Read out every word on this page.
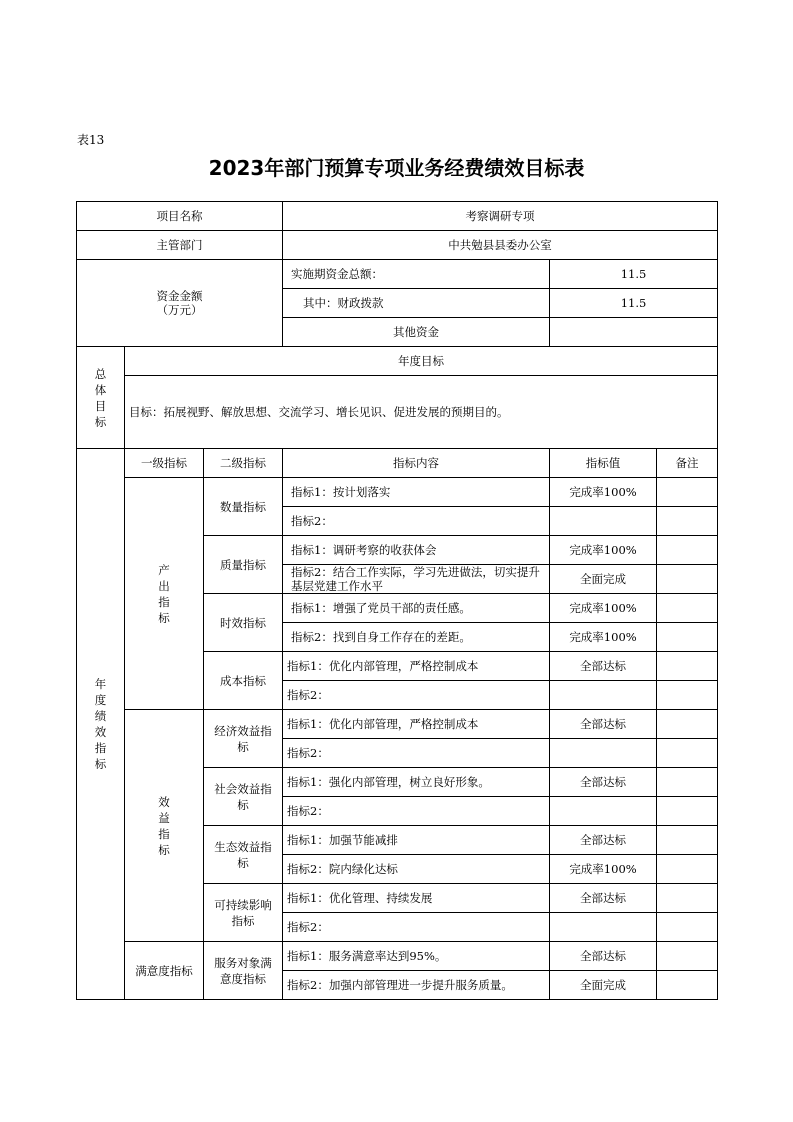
表13
2023年部门预算专项业务经费绩效目标表
项目名称			考察调研专项		
主管部门			中共勉县县委办公室		
资金金额
（万元）			实施期资金总额：	11.5	
			其中：财政拨款	11.5	
			其他资金		
总体目标	年度目标				
	目标：拓展视野、解放思想、交流学习、增长见识、促进发展的预期目的。				
年度绩效指标	一级指标	二级指标	指标内容	指标值	备注
	产出指标	数量指标	指标1：按计划落实	完成率100%	
			指标2：		
		质量指标	指标1：调研考察的收获体会	完成率100%	
			指标2：结合工作实际，学习先进做法，切实提升基层党建工作水平	全面完成	
		时效指标	指标1：增强了党员干部的责任感。	完成率100%	
			指标2：找到自身工作存在的差距。	完成率100%	
		成本指标	指标1：优化内部管理，严格控制成本	全部达标	
			指标2：		
	效益指标	经济效益指标	指标1：优化内部管理，严格控制成本	全部达标	
			指标2：		
		社会效益指标	指标1：强化内部管理，树立良好形象。	全部达标	
			指标2：		
		生态效益指标	指标1：加强节能减排	全部达标	
			指标2：院内绿化达标	完成率100%	
		可持续影响指标	指标1：优化管理、持续发展	全部达标	
			指标2：		
	满意度指标	服务对象满意度指标	指标1：服务满意率达到95%。	全部达标	
			指标2：加强内部管理进一步提升服务质量。	全面完成	
